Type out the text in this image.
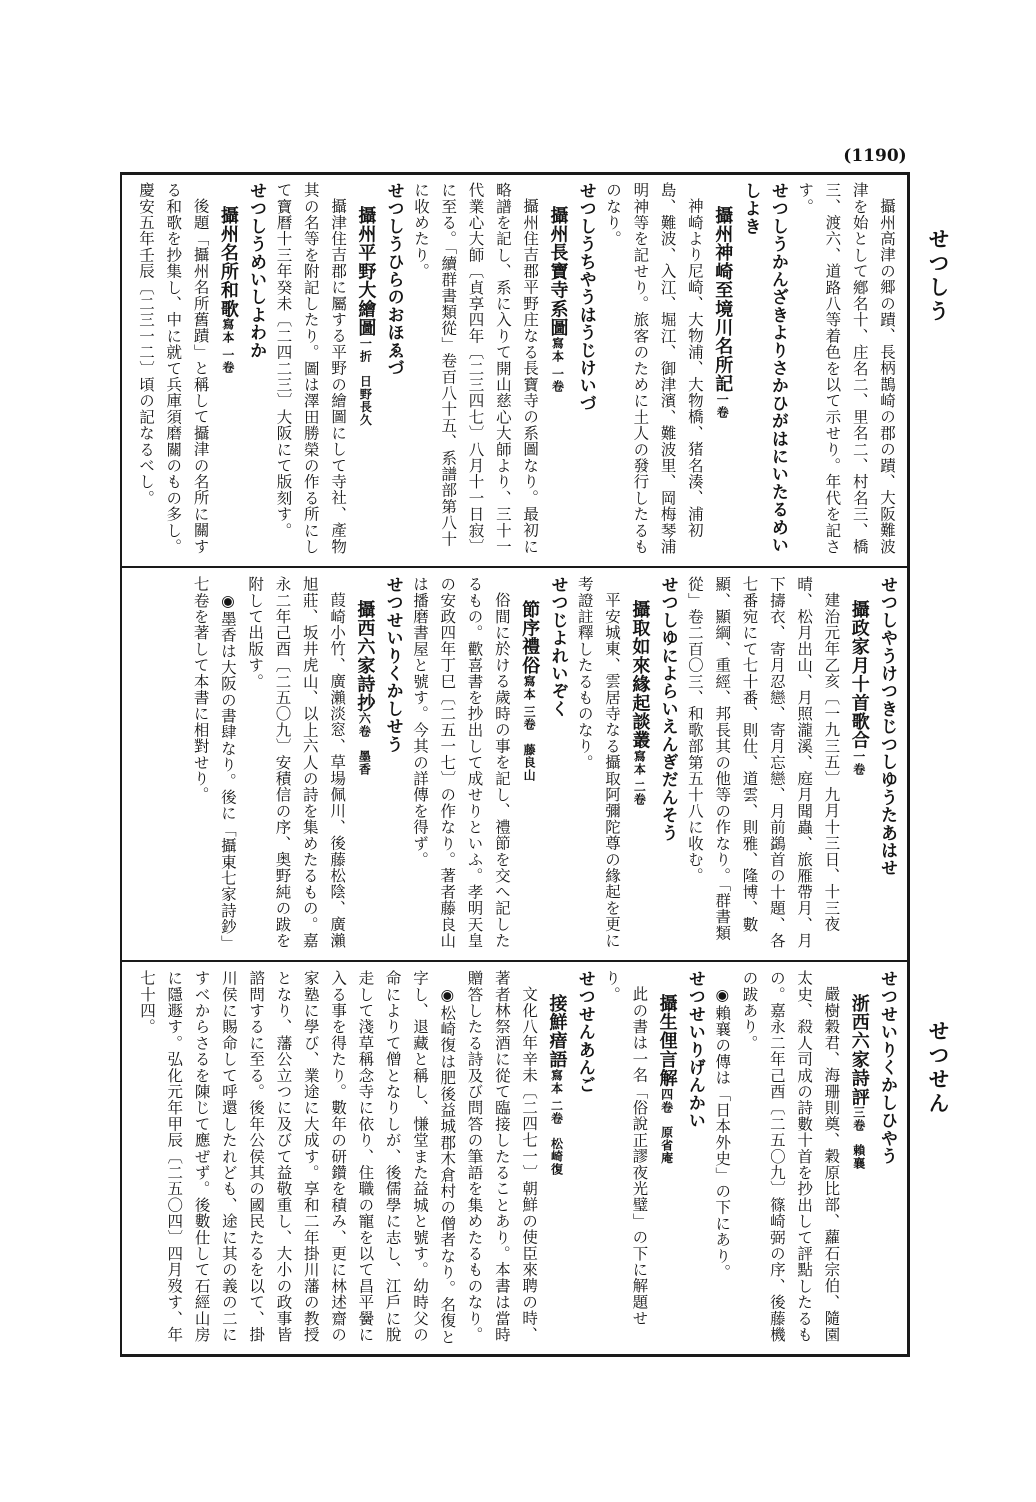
(1190)
せつしう
せつせん

攝州高津の郷の蹟、長柄鵲崎の郡の蹟、大阪難波津を始として鄕名十、庄名二、里名二、村名三、橋三、渡六、道路八等着色を以て示せり。年代を記さす。

せつしうかんざきよりさかひがはにいたるめいしよき

攝州神崎至境川名所記一卷

神崎より尼崎、大物浦、大物橋、猪名湊、浦初島、難波、入江、堀江、御津濱、難波里、岡梅琴浦明神等を記せり。旅客のために土人の發行したるものなり。

せつしうちやうはうじけいづ

攝州長寶寺系圖寫本 一卷

攝州住吉郡平野庄なる長寶寺の系圖なり。最初に略譜を記し、系に入りて開山慈心大師より、三十一代業心大師〔貞享四年〔二三四七〕八月十一日寂〕に至る。「續群書類從」卷百八十五、系譜部第八十に收めたり。

せつしうひらのおほゑづ

攝州平野大繪圖一折　日野長久

攝津住吉郡に屬する平野の繪圖にして寺社、產物其の名等を附記したり。圖は澤田勝榮の作る所にして寶曆十三年癸未〔二四二三〕大阪にて版刻す。

せつしうめいしよわか

攝州名所和歌寫本 一卷

後題「攝州名所舊蹟」と稱して攝津の名所に關する和歌を抄集し、中に就て兵庫須磨關のもの多し。慶安五年壬辰〔二三一二〕頃の記なるべし。

せつしやうけつきじつしゆうたあはせ

攝政家月十首歌合一卷

建治元年乙亥〔一九三五〕九月十三日、十三夜晴、松月出山、月照瀧溪、庭月聞蟲、旅雁帶月、月下擣衣、寄月忍戀、寄月忘戀、月前鷁首の十題、各七番宛にて七十番、則仕、道雲、則雅、隆博、數顯、顯綱、重經、邦長其の他等の作なり。「群書類從」卷二百〇三、和歌部第五十八に收む。

せつしゆによらいえんぎだんそう

攝取如來緣起談叢寫本 二卷

平安城東、雲居寺なる攝取阿彌陀尊の緣起を更に考證註釋したるものなり。

せつじよれいぞく

節序禮俗寫本 三卷　藤良山

俗間に於ける歲時の事を記し、禮節を交へ記したるもの。歡喜書を抄出して成せりといふ。孝明天皇の安政四年丁巳〔二五一七〕の作なり。著者藤良山は播磨書屋と號す。今其の詳傳を得ず。

せつせいりくかしせう

攝西六家詩抄六卷　墨香

葭崎小竹、廣瀨淡窓、草場佩川、後藤松陰、廣瀨旭莊、坂井虎山、以上六人の詩を集めたるもの。嘉永二年己酉〔二五〇九〕安積信の序、奥野純の跋を附して出版す。

◉墨香は大阪の書肆なり。後に「攝東七家詩鈔」七卷を著して本書に相對せり。

せつせいりくかしひやう

浙西六家詩評三卷　賴襄

嚴樹穀君、海珊則奠、穀原比部、蘿石宗伯、隨園太史、殺人司成の詩數十首を抄出して評點したるもの。嘉永二年己酉〔二五〇九〕篠崎弼の序、後藤機の跋あり。

◉賴襄の傳は「日本外史」の下にあり。

せつせいりげんかい

攝生俚言解四卷　原省庵

此の書は一名「俗說正謬夜光璧」の下に解題せり。

せつせんあんご

接鮮瘖語寫本 二卷　松崎復

文化八年辛未〔二四七一〕朝鮮の使臣來聘の時、著者林祭酒に從て臨接したることあり。本書は當時贈答したる詩及び問答の筆語を集めたるものなり。

◉松崎復は肥後益城郡木倉村の僧者なり。名復と字し、退藏と稱し、慊堂また益城と號す。幼時父の命によりて僧となりしが、後儒學に志し、江戶に脫走して淺草稱念寺に依り、住職の寵を以て昌平黌に入る事を得たり。數年の研鑽を積み、更に林述齋の家塾に學び、業途に大成す。享和二年掛川藩の教授となり、藩公立つに及びて益敬重し、大小の政事皆諮問するに至る。後年公侯其の國民たるを以て、掛川侯に賜命して呼還したれども、途に其の義の二にすべからさるを陳じて應ぜず。後數仕して石經山房に隱遯す。弘化元年甲辰〔二五〇四〕四月歿す、年七十四。
